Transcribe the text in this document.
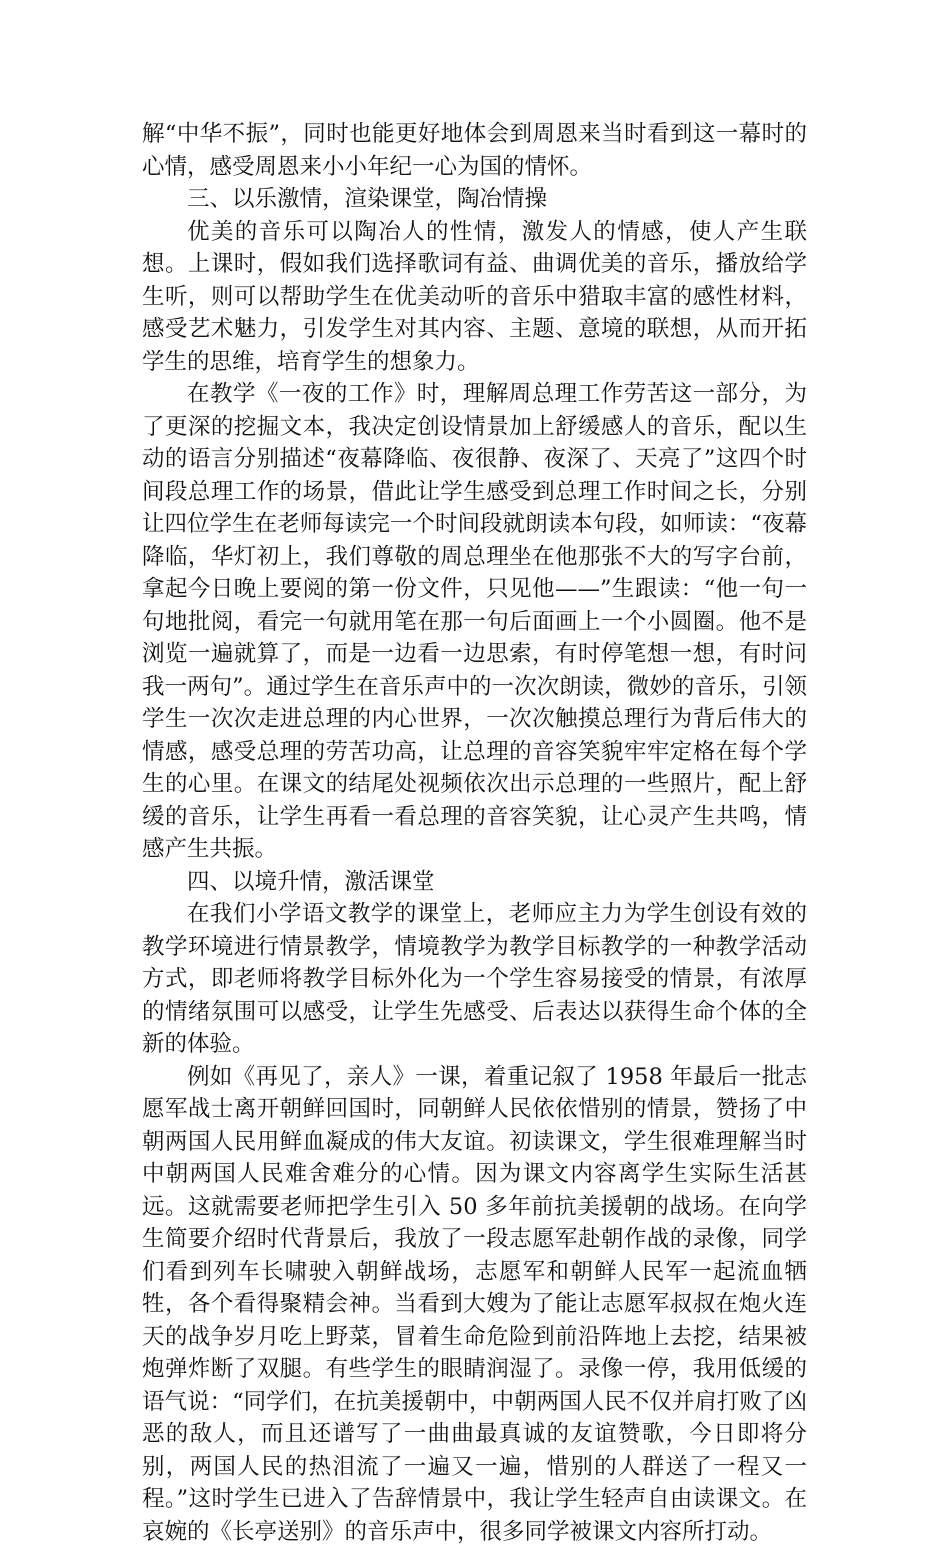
解“中华不振”，同时也能更好地体会到周恩来当时看到这一幕时的心情，感受周恩来小小年纪一心为国的情怀。

三、以乐激情，渲染课堂，陶冶情操

优美的音乐可以陶冶人的性情，激发人的情感，使人产生联想。上课时，假如我们选择歌词有益、曲调优美的音乐，播放给学生听，则可以帮助学生在优美动听的音乐中猎取丰富的感性材料，感受艺术魅力，引发学生对其内容、主题、意境的联想，从而开拓学生的思维，培育学生的想象力。

在教学《一夜的工作》时，理解周总理工作劳苦这一部分，为了更深的挖掘文本，我决定创设情景加上舒缓感人的音乐，配以生动的语言分别描述“夜幕降临、夜很静、夜深了、天亮了”这四个时间段总理工作的场景，借此让学生感受到总理工作时间之长，分别让四位学生在老师每读完一个时间段就朗读本句段，如师读：“夜幕降临，华灯初上，我们尊敬的周总理坐在他那张不大的写字台前，拿起今日晚上要阅的第一份文件，只见他——”生跟读：“他一句一句地批阅，看完一句就用笔在那一句后面画上一个小圆圈。他不是浏览一遍就算了，而是一边看一边思索，有时停笔想一想，有时问我一两句”。通过学生在音乐声中的一次次朗读，微妙的音乐，引领学生一次次走进总理的内心世界，一次次触摸总理行为背后伟大的情感，感受总理的劳苦功高，让总理的音容笑貌牢牢定格在每个学生的心里。在课文的结尾处视频依次出示总理的一些照片，配上舒缓的音乐，让学生再看一看总理的音容笑貌，让心灵产生共鸣，情感产生共振。

四、以境升情，激活课堂

在我们小学语文教学的课堂上，老师应主力为学生创设有效的教学环境进行情景教学，情境教学为教学目标教学的一种教学活动方式，即老师将教学目标外化为一个学生容易接受的情景，有浓厚的情绪氛围可以感受，让学生先感受、后表达以获得生命个体的全新的体验。

例如《再见了，亲人》一课，着重记叙了 1958 年最后一批志愿军战士离开朝鲜回国时，同朝鲜人民依依惜别的情景，赞扬了中朝两国人民用鲜血凝成的伟大友谊。初读课文，学生很难理解当时中朝两国人民难舍难分的心情。因为课文内容离学生实际生活甚远。这就需要老师把学生引入 50 多年前抗美援朝的战场。在向学生简要介绍时代背景后，我放了一段志愿军赴朝作战的录像，同学们看到列车长啸驶入朝鲜战场，志愿军和朝鲜人民军一起流血牺牲，各个看得聚精会神。当看到大嫂为了能让志愿军叔叔在炮火连天的战争岁月吃上野菜，冒着生命危险到前沿阵地上去挖，结果被炮弹炸断了双腿。有些学生的眼睛润湿了。录像一停，我用低缓的语气说：“同学们，在抗美援朝中，中朝两国人民不仅并肩打败了凶恶的敌人，而且还谱写了一曲曲最真诚的友谊赞歌，今日即将分别，两国人民的热泪流了一遍又一遍，惜别的人群送了一程又一程。”这时学生已进入了告辞情景中，我让学生轻声自由读课文。在哀婉的《长亭送别》的音乐声中，很多同学被课文内容所打动。
